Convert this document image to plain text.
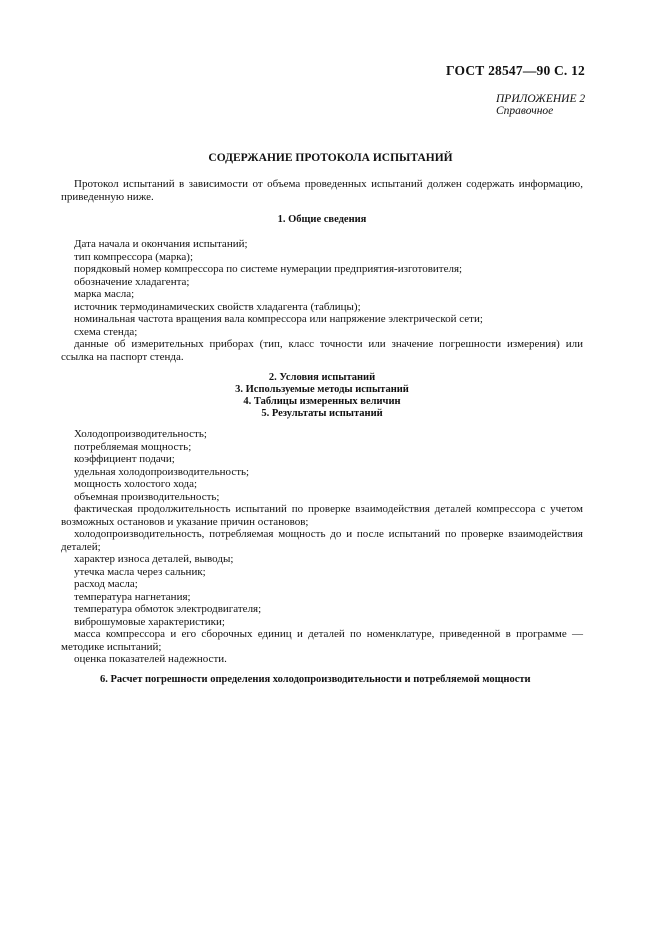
ГОСТ 28547—90 С. 12
ПРИЛОЖЕНИЕ 2
Справочное
СОДЕРЖАНИЕ ПРОТОКОЛА ИСПЫТАНИЙ

Протокол испытаний в зависимости от объема проведенных испытаний должен содержать информацию, приведенную ниже.

1. Общие сведения

Дата начала и окончания испытаний;

тип компрессора (марка);

порядковый номер компрессора по системе нумерации предприятия-изготовителя;

обозначение хладагента;

марка масла;

источник термодинамических свойств хладагента (таблицы);

номинальная частота вращения вала компрессора или напряжение электрической сети;

схема стенда;

данные об измерительных приборах (тип, класс точности или значение погрешности измерения) или ссылка на паспорт стенда.

2. Условия испытаний

3. Используемые методы испытаний

4. Таблицы измеренных величин

5. Результаты испытаний

Холодопроизводительность;

потребляемая мощность;

коэффициент подачи;

удельная холодопроизводительность;

мощность холостого хода;

объемная производительность;

фактическая продолжительность испытаний по проверке взаимодействия деталей компрессора с учетом возможных остановов и указание причин остановов;

холодопроизводительность, потребляемая мощность до и после испытаний по проверке взаимодействия деталей;

характер износа деталей, выводы;

утечка масла через сальник;

расход масла;

температура нагнетания;

температура обмоток электродвигателя;

виброшумовые характеристики;

масса компрессора и его сборочных единиц и деталей по номенклатуре, приведенной в программе — методике испытаний;

оценка показателей надежности.

6. Расчет погрешности определения холодопроизводительности и потребляемой мощности
